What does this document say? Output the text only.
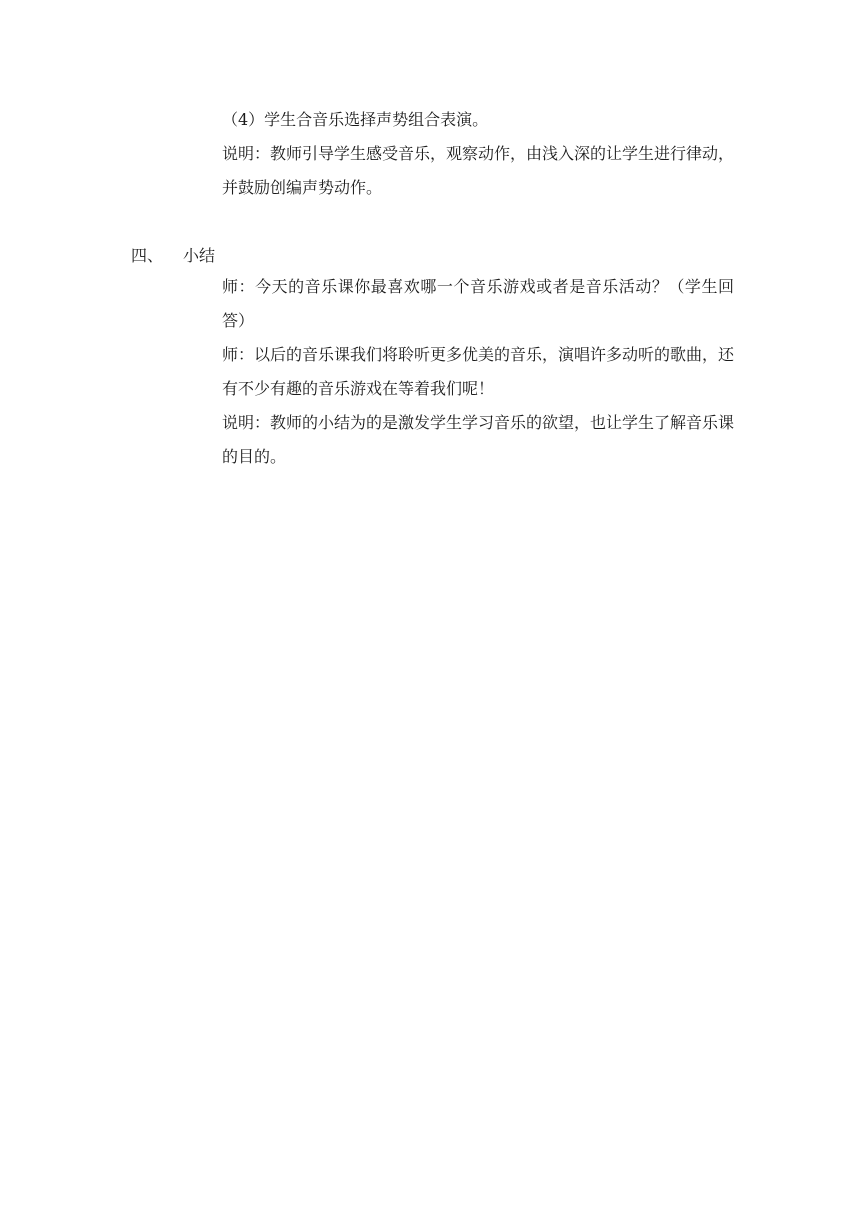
（4）学生合音乐选择声势组合表演。

说明：教师引导学生感受音乐，观察动作，由浅入深的让学生进行律动，并鼓励创编声势动作。

四、 小结

师：今天的音乐课你最喜欢哪一个音乐游戏或者是音乐活动？（学生回答）

师：以后的音乐课我们将聆听更多优美的音乐，演唱许多动听的歌曲，还有不少有趣的音乐游戏在等着我们呢！

说明：教师的小结为的是激发学生学习音乐的欲望，也让学生了解音乐课的目的。
